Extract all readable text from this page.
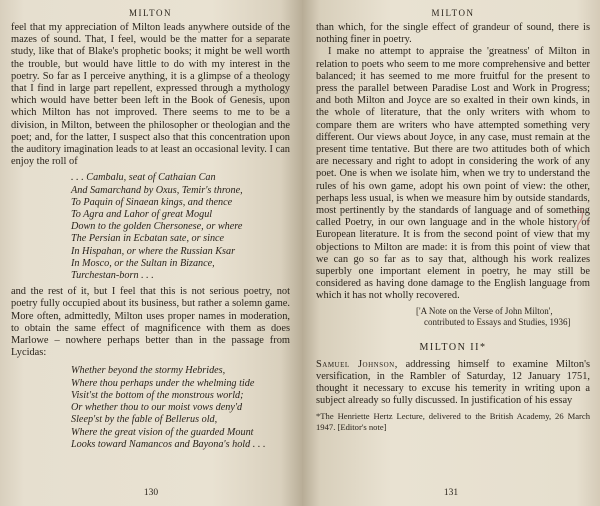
MILTON

feel that my appreciation of Milton leads anywhere outside of the mazes of sound. That, I feel, would be the matter for a separate study, like that of Blake's prophetic books; it might be well worth the trouble, but would have little to do with my interest in the poetry. So far as I perceive anything, it is a glimpse of a theology that I find in large part repellent, expressed through a mythology which would have better been left in the Book of Genesis, upon which Milton has not improved. There seems to me to be a division, in Milton, between the philosopher or theologian and the poet; and, for the latter, I suspect also that this concentration upon the auditory imagination leads to at least an occasional levity. I can enjoy the roll of

. . . Cambalu, seat of Cathaian Can
And Samarchand by Oxus, Temir's throne,
To Paquin of Sinaean kings, and thence
To Agra and Lahor of great Mogul
Down to the golden Chersonese, or where
The Persian in Ecbatan sate, or since
In Hispahan, or where the Russian Ksar
In Mosco, or the Sultan in Bizance,
Turchestan-born . . .

and the rest of it, but I feel that this is not serious poetry, not poetry fully occupied about its business, but rather a solemn game. More often, admittedly, Milton uses proper names in moderation, to obtain the same effect of magnificence with them as does Marlowe – nowhere perhaps better than in the passage from Lycidas:

Whether beyond the stormy Hebrides,
Where thou perhaps under the whelming tide
Visit'st the bottom of the monstrous world;
Or whether thou to our moist vows deny'd
Sleep'st by the fable of Bellerus old,
Where the great vision of the guarded Mount
Looks toward Namancos and Bayona's hold . . .
130
MILTON

than which, for the single effect of grandeur of sound, there is nothing finer in poetry.

I make no attempt to appraise the 'greatness' of Milton in relation to poets who seem to me more comprehensive and better balanced; it has seemed to me more fruitful for the present to press the parallel between Paradise Lost and Work in Progress; and both Milton and Joyce are so exalted in their own kinds, in the whole of literature, that the only writers with whom to compare them are writers who have attempted something very different. Our views about Joyce, in any case, must remain at the present time tentative. But there are two attitudes both of which are necessary and right to adopt in considering the work of any poet. One is when we isolate him, when we try to understand the rules of his own game, adopt his own point of view: the other, perhaps less usual, is when we measure him by outside standards, most pertinently by the standards of language and of something called Poetry, in our own language and in the whole history of European literature. It is from the second point of view that my objections to Milton are made: it is from this point of view that we can go so far as to say that, although his work realizes superbly one important element in poetry, he may still be considered as having done damage to the English language from which it has not wholly recovered.

['A Note on the Verse of John Milton',
contributed to Essays and Studies, 1936]
MILTON II*

Samuel Johnson, addressing himself to examine Milton's versification, in the Rambler of Saturday, 12 January 1751, thought it necessary to excuse his temerity in writing upon a subject already so fully discussed. In justification of his essay

*The Henriette Hertz Lecture, delivered to the British Academy, 26 March 1947. [Editor's note]
131
